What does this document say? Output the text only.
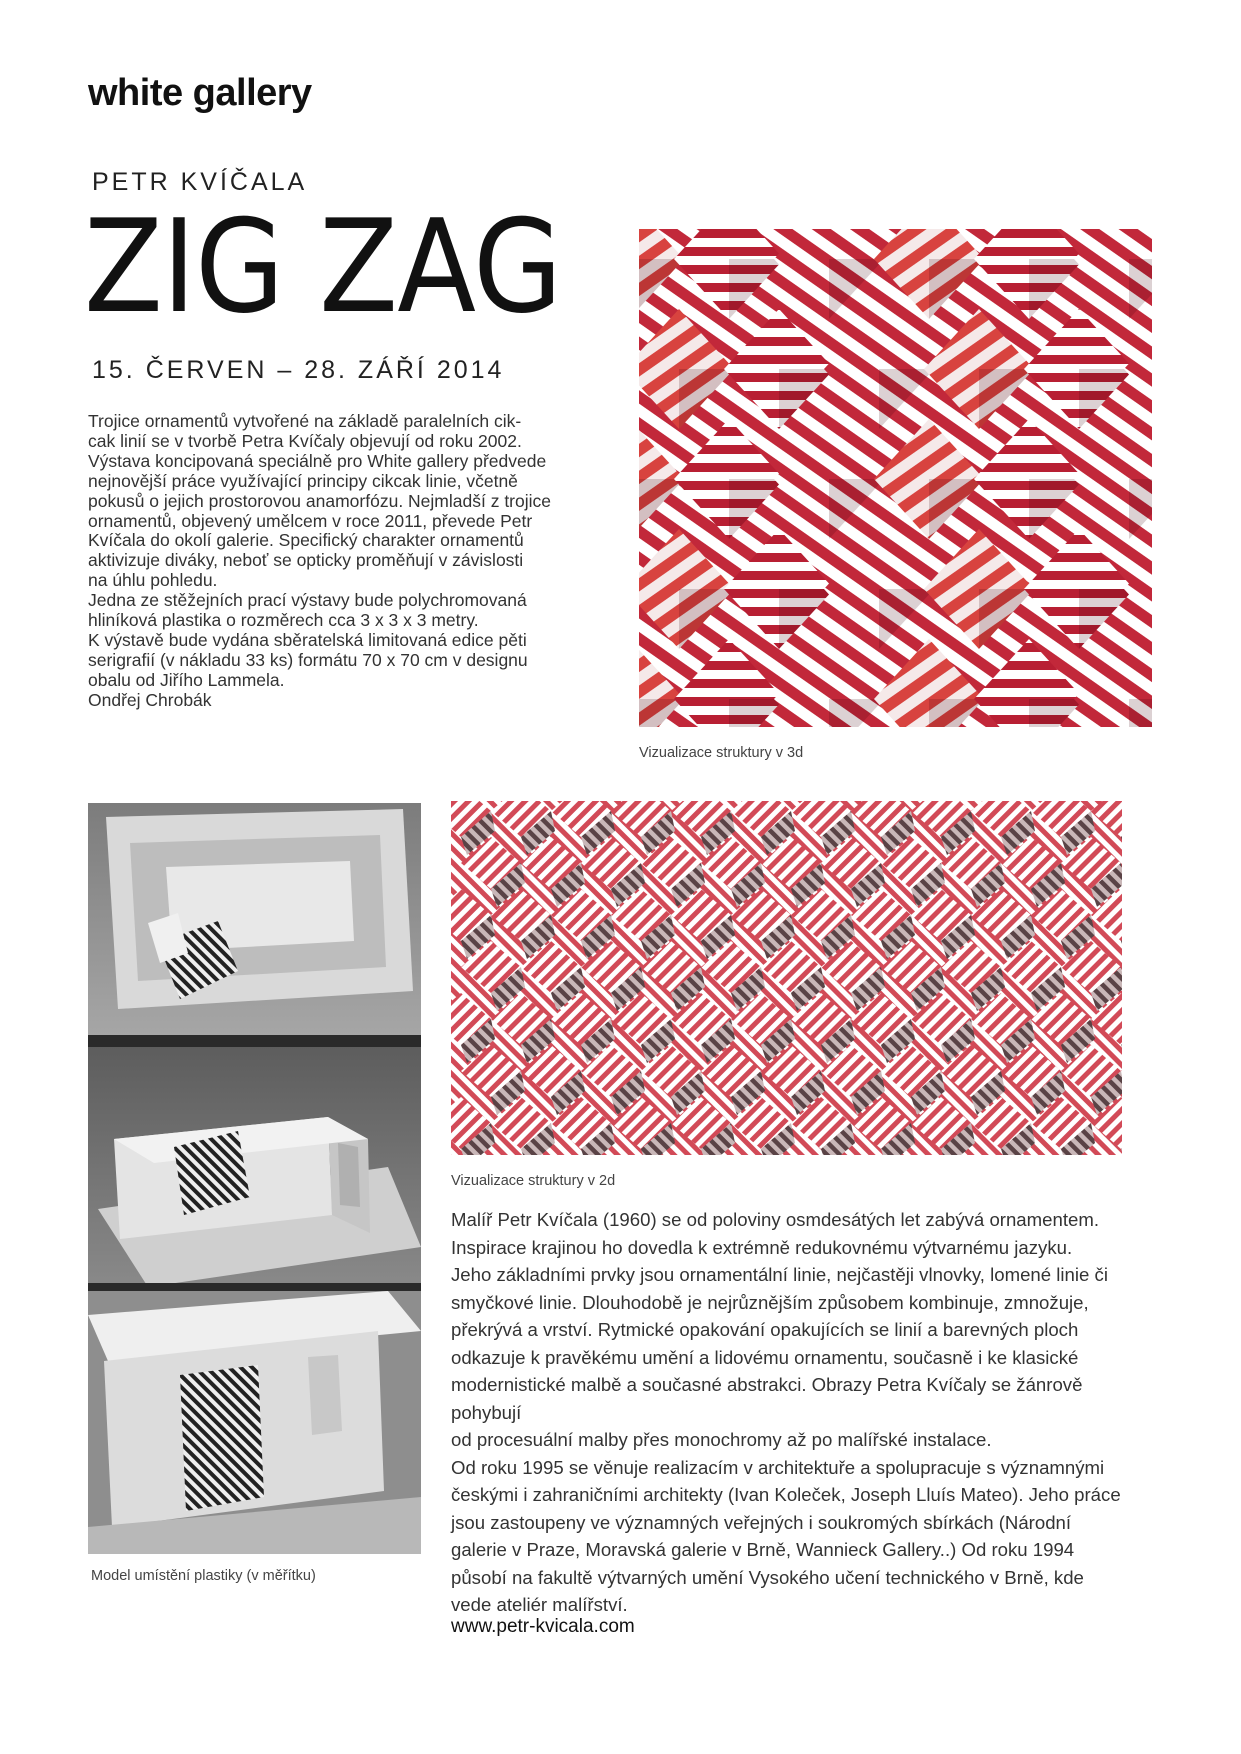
white gallery
PETR KVÍČALA
ZIG ZAG
15. ČERVEN – 28. ZÁŘÍ 2014

Trojice ornamentů vytvořené na základě paralelních cik-

cak linií se v tvorbě Petra Kvíčaly objevují od roku 2002.

Výstava koncipovaná speciálně pro White gallery předvede

nejnovější práce využívající principy cikcak linie, včetně

pokusů o jejich prostorovou anamorfózu. Nejmladší z trojice

ornamentů, objevený umělcem v roce 2011, převede Petr

Kvíčala do okolí galerie. Specifický charakter ornamentů

aktivizuje diváky, neboť se opticky proměňují v závislosti

na úhlu pohledu.

Jedna ze stěžejních prací výstavy bude polychromovaná

hliníková plastika o rozměrech cca 3 x 3 x 3 metry.

K výstavě bude vydána sběratelská limitovaná edice pěti

serigrafií (v nákladu 33 ks) formátu 70 x 70 cm v designu

obalu od Jiřího Lammela.

Ondřej Chrobák

Vizualizace struktury v 3d
Vizualizace struktury v 2d
Model umístění plastiky (v měřítku)

Malíř Petr Kvíčala (1960) se od poloviny osmdesátých let zabývá ornamentem.

Inspirace krajinou ho dovedla k extrémně redukovnému výtvarnému jazyku.

Jeho základními prvky jsou ornamentální linie, nejčastěji vlnovky, lomené linie či

smyčkové linie. Dlouhodobě je nejrůznějším způsobem kombinuje, zmnožuje,

překrývá a vrství. Rytmické opakování opakujících se linií a barevných ploch

odkazuje k pravěkému umění a lidovému ornamentu, současně i ke klasické

modernistické malbě a současné abstrakci. Obrazy Petra Kvíčaly se žánrově

pohybují

od procesuální malby přes monochromy až po malířské instalace.

Od roku 1995 se věnuje realizacím v architektuře a spolupracuje s významnými

českými i zahraničními architekty (Ivan Koleček, Joseph Lluís Mateo). Jeho práce

jsou zastoupeny ve významných veřejných i soukromých sbírkách (Národní

galerie v Praze, Moravská galerie v Brně, Wannieck Gallery..) Od roku 1994

působí na fakultě výtvarných umění Vysokého učení technického v Brně, kde

vede ateliér malířství.

www.petr-kvicala.com
